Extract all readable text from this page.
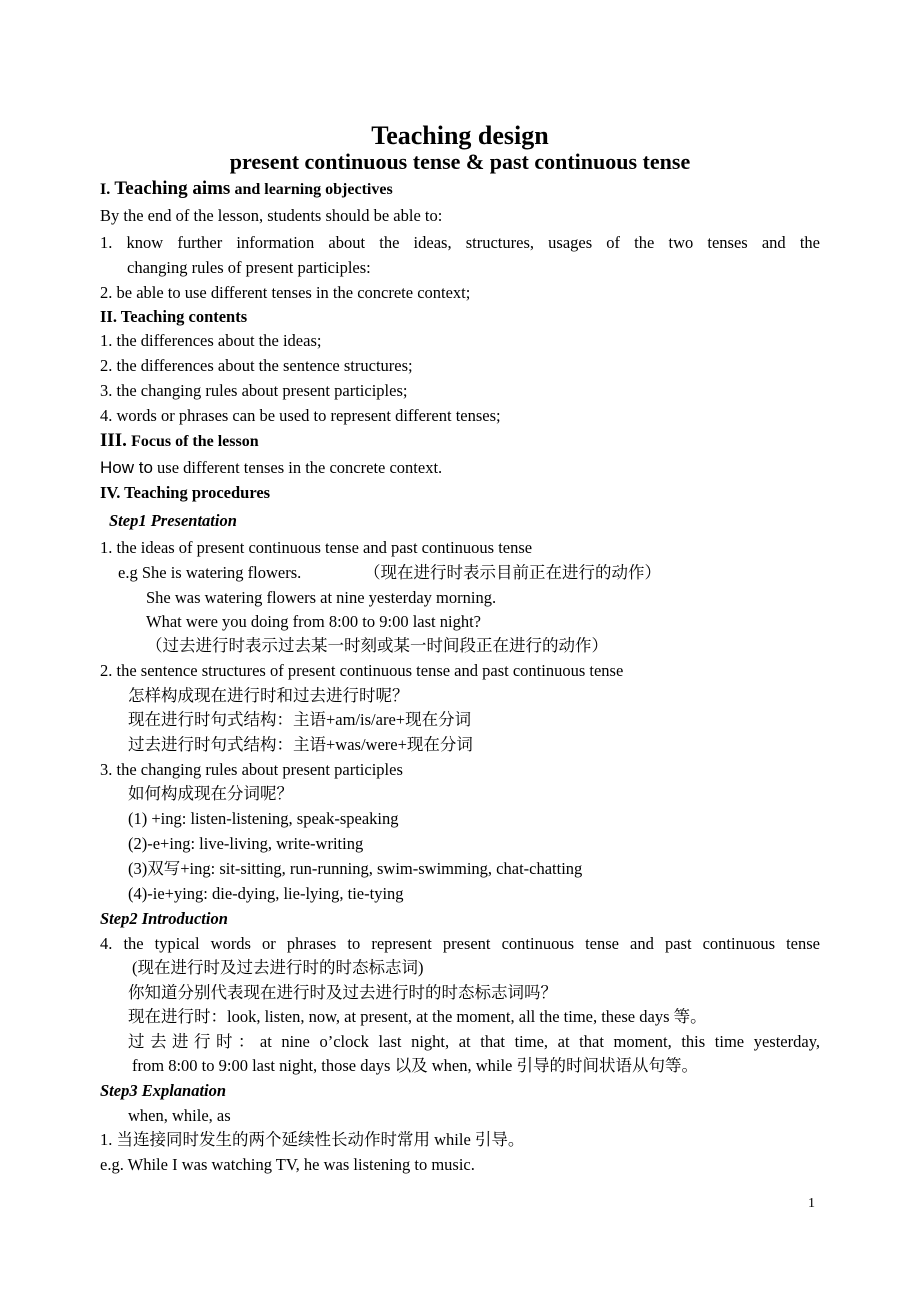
Teaching design
present continuous tense & past continuous tense
I. Teaching aims and learning objectives
By the end of the lesson, students should be able to:
1. know further information about the ideas, structures, usages of the two tenses and the
changing rules of present participles:
2. be able to use different tenses in the concrete context;
II. Teaching contents
1. the differences about the ideas;
2. the differences about the sentence structures;
3. the changing rules about present participles;
4. words or phrases can be used to represent different tenses;
III. Focus of the lesson
How to use different tenses in the concrete context.
IV. Teaching procedures
Step1 Presentation
1. the ideas of present continuous tense and past continuous tense
e.g She is watering flowers.	（现在进行时表示目前正在进行的动作）
She was watering flowers at nine yesterday morning.
What were you doing from 8:00 to 9:00 last night?
（过去进行时表示过去某一时刻或某一时间段正在进行的动作）
2. the sentence structures of present continuous tense and past continuous tense
怎样构成现在进行时和过去进行时呢？
现在进行时句式结构：主语+am/is/are+现在分词
过去进行时句式结构：主语+was/were+现在分词
3. the changing rules about present participles
如何构成现在分词呢？
(1) +ing: listen-listening, speak-speaking
(2)-e+ing: live-living, write-writing
(3)双写+ing: sit-sitting, run-running, swim-swimming, chat-chatting
(4)-ie+ying: die-dying, lie-lying, tie-tying
Step2 Introduction
4. the typical words or phrases to represent present continuous tense and past continuous tense
(现在进行时及过去进行时的时态标志词)
你知道分别代表现在进行时及过去进行时的时态标志词吗？
现在进行时：look, listen, now, at present, at the moment, all the time, these days 等。
过去进行时：at nine o’clock last night, at that time, at that moment, this time yesterday,
from 8:00 to 9:00 last night, those days 以及 when, while 引导的时间状语从句等。
Step3 Explanation
when, while, as
1. 当连接同时发生的两个延续性长动作时常用 while 引导。
e.g. While I was watching TV, he was listening to music.
1
